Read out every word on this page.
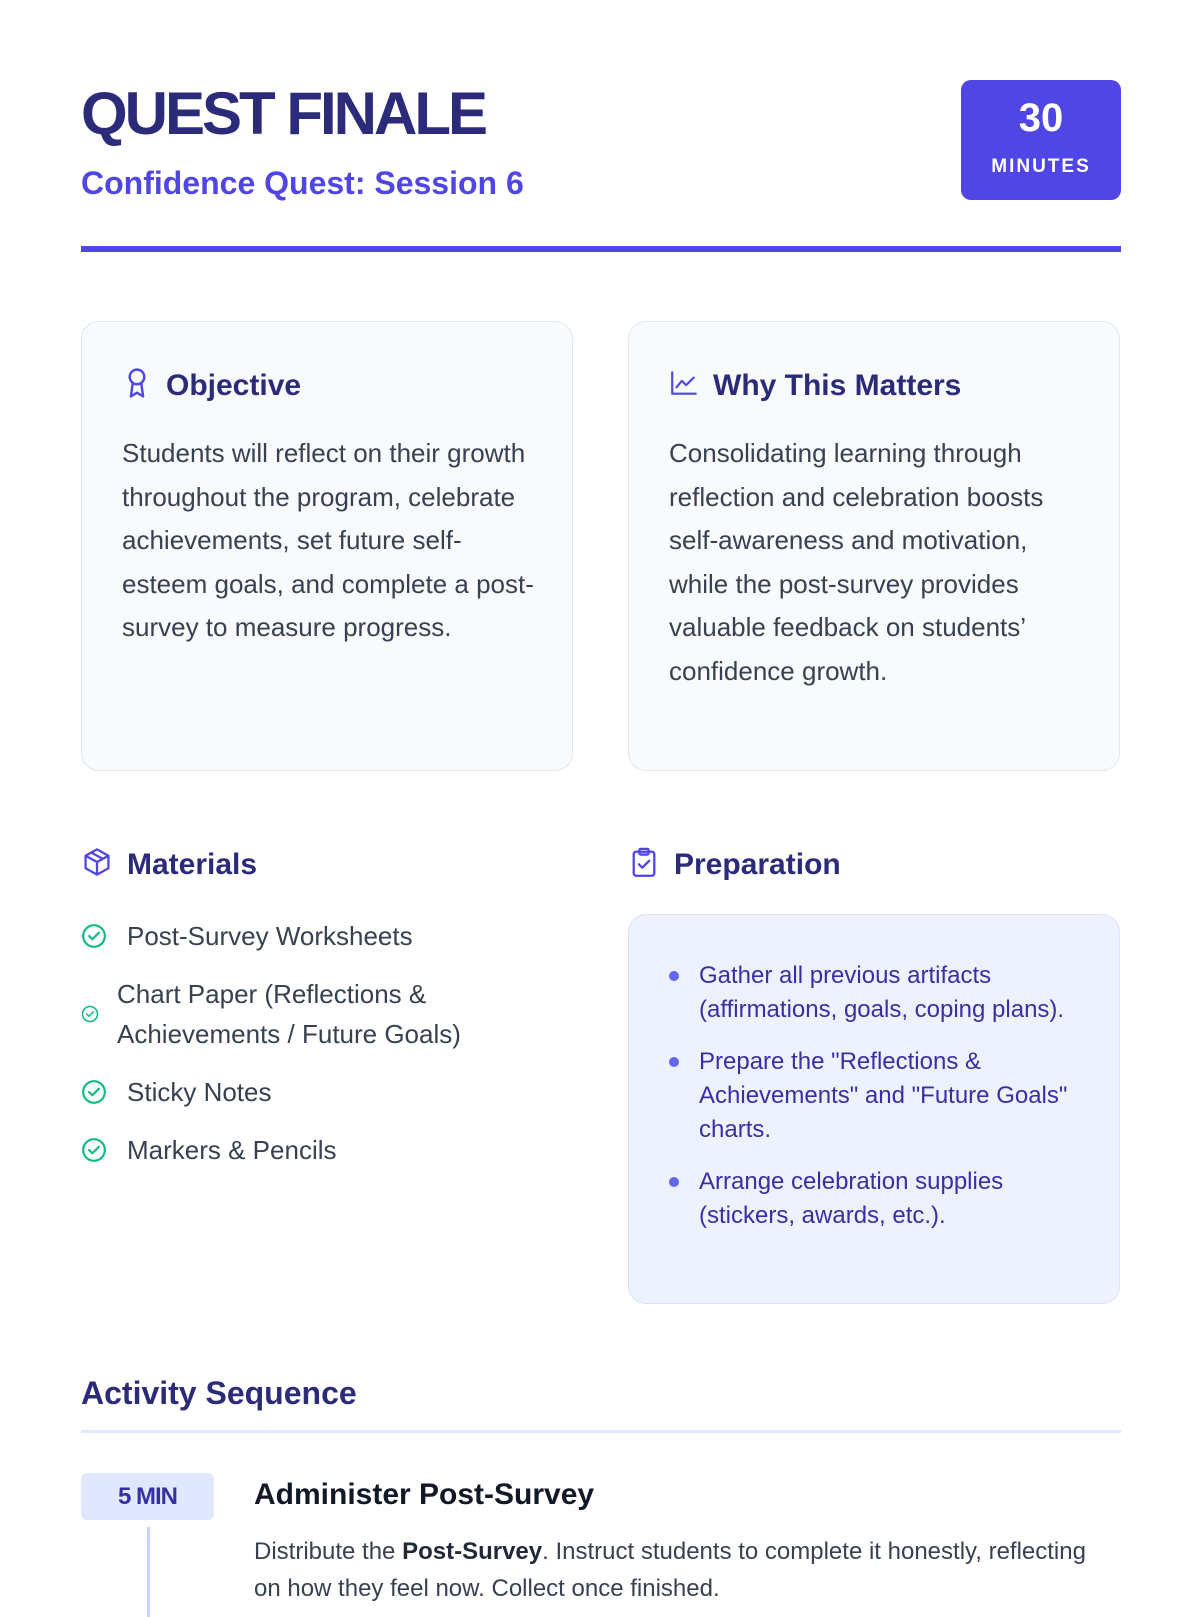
QUEST FINALE
Confidence Quest: Session 6
30
MINUTES
Objective
Students will reflect on their growth throughout the program, celebrate achievements, set future self-esteem goals, and complete a post-survey to measure progress.
Why This Matters
Consolidating learning through reflection and celebration boosts self-awareness and motivation, while the post-survey provides valuable feedback on students’ confidence growth.
Materials
Post-Survey Worksheets
Chart Paper (Reflections & Achievements / Future Goals)
Sticky Notes
Markers & Pencils
Preparation
Gather all previous artifacts (affirmations, goals, coping plans).
Prepare the "Reflections & Achievements" and "Future Goals" charts.
Arrange celebration supplies (stickers, awards, etc.).
Activity Sequence
5 MIN	Administer Post-Survey
Distribute the Post-Survey. Instruct students to complete it honestly, reflecting on how they feel now. Collect once finished.
